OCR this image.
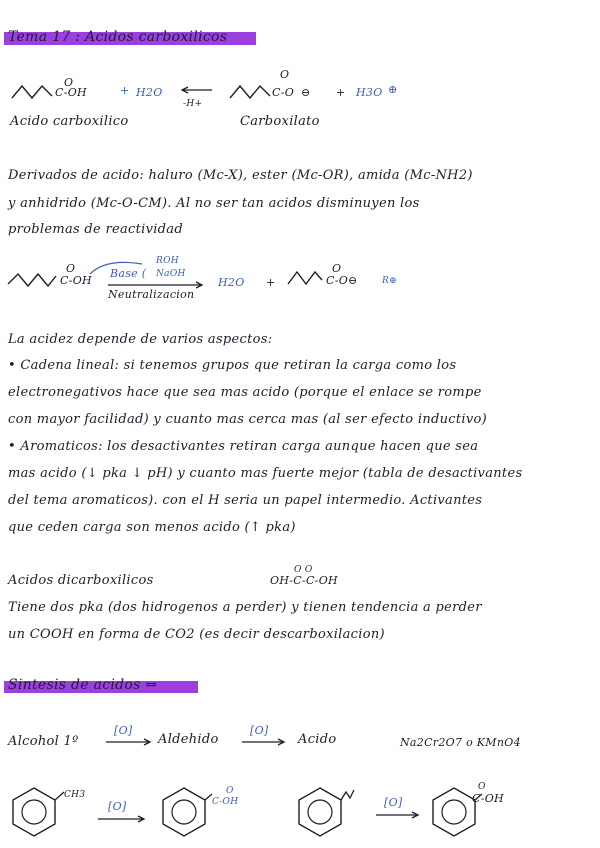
Tema 17 : Acidos carboxilicos
O
C-OH	+ H2O
-H+
O
C-O ⊖ + H3O ⊕
Acido carboxilico	Carboxilato
Derivados de acido: haluro (Mc-X), ester (Mc-OR), amida (Mc-NH2)
y anhidrido (Mc-O-CM). Al no ser tan acidos disminuyen los
problemas de reactividad
O
C-OH
ROH
Base ( NaOH
Neutralizacion
H2O +
O
C-O⊖	R⊕
La acidez depende de varios aspectos:
• Cadena lineal: si tenemos grupos que retiran la carga como los
electronegativos hace que sea mas acido (porque el enlace se rompe
con mayor facilidad) y cuanto mas cerca mas (al ser efecto inductivo)
• Aromaticos: los desactivantes retiran carga aunque hacen que sea
mas acido (↓ pka ↓ pH) y cuanto mas fuerte mejor (tabla de desactivantes
del tema aromaticos). con el H seria un papel intermedio. Activantes
que ceden carga son menos acido (↑ pka)
Acidos dicarboxilicos
O O
OH-C-C-OH
Tiene dos pka (dos hidrogenos a perder) y tienen tendencia a perder
un COOH en forma de CO2 (es decir descarboxilacion)
Sintesis de acidos ⇒
Alcohol 1º
[O]
Aldehido
[O]
Acido	Na2Cr2O7 o KMnO4
CH3
[O]
O
C-OH	[O]
O
C-OH
